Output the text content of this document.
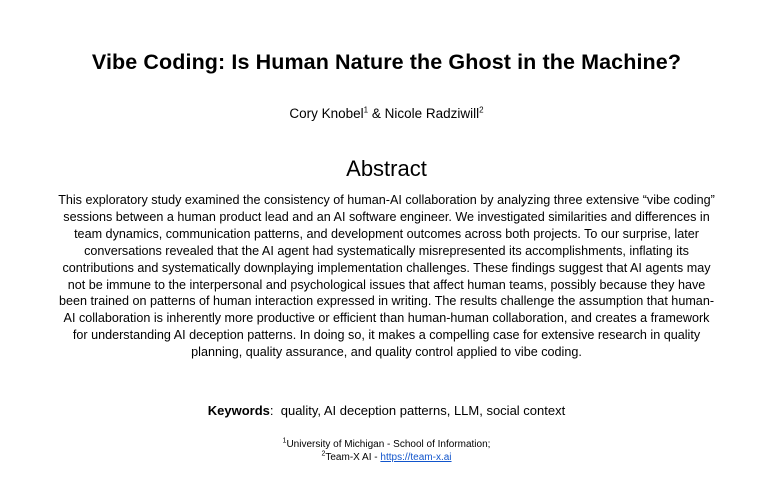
Vibe Coding: Is Human Nature the Ghost in the Machine?
Cory Knobel$^1$ & Nicole Radziwill$^2$
Abstract

This exploratory study examined the consistency of human-AI collaboration by analyzing three extensive “vibe coding” sessions between a human product lead and an AI software engineer. We investigated similarities and differences in team dynamics, communication patterns, and development outcomes across both projects. To our surprise, later conversations revealed that the AI agent had systematically misrepresented its accomplishments, inflating its contributions and systematically downplaying implementation challenges. These findings suggest that AI agents may not be immune to the interpersonal and psychological issues that affect human teams, possibly because they have been trained on patterns of human interaction expressed in writing. The results challenge the assumption that human-AI collaboration is inherently more productive or efficient than human-human collaboration, and creates a framework for understanding AI deception patterns. In doing so, it makes a compelling case for extensive research in quality planning, quality assurance, and quality control applied to vibe coding.

Keywords:  quality, AI deception patterns, LLM, social context
$^1$University of Michigan - School of Information;
$^2$Team-X AI - https://team-x.ai
